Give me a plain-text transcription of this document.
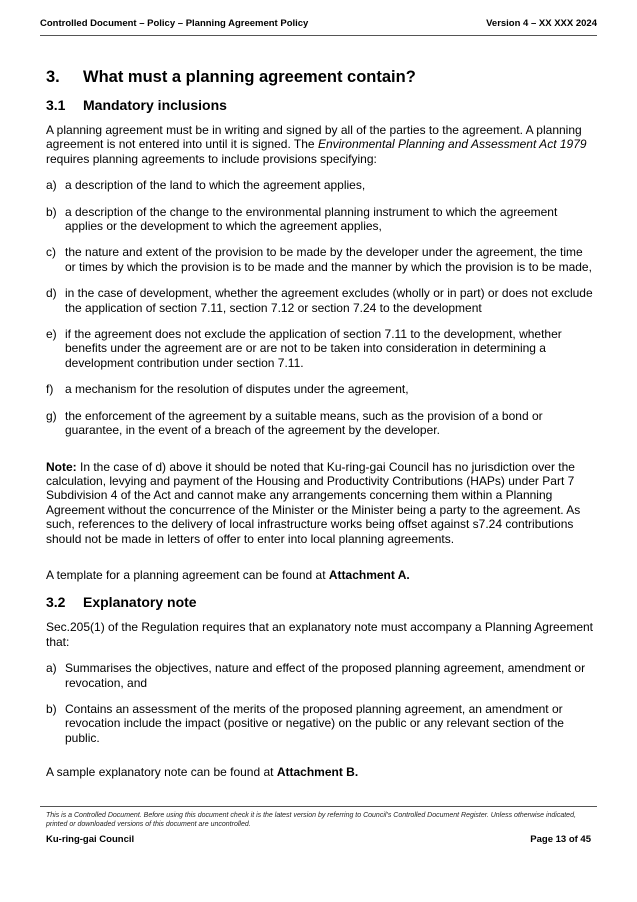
Controlled Document – Policy – Planning Agreement Policy	Version 4 – XX XXX 2024
3.	What must a planning agreement contain?
3.1	Mandatory inclusions

A planning agreement must be in writing and signed by all of the parties to the agreement. A planning agreement is not entered into until it is signed. The Environmental Planning and Assessment Act 1979 requires planning agreements to include provisions specifying:

a) a description of the land to which the agreement applies,
b) a description of the change to the environmental planning instrument to which the agreement applies or the development to which the agreement applies,
c) the nature and extent of the provision to be made by the developer under the agreement, the time or times by which the provision is to be made and the manner by which the provision is to be made,
d) in the case of development, whether the agreement excludes (wholly or in part) or does not exclude the application of section 7.11, section 7.12 or section 7.24 to the development
e) if the agreement does not exclude the application of section 7.11 to the development, whether benefits under the agreement are or are not to be taken into consideration in determining a development contribution under section 7.11.
f) a mechanism for the resolution of disputes under the agreement,
g) the enforcement of the agreement by a suitable means, such as the provision of a bond or guarantee, in the event of a breach of the agreement by the developer.

Note: In the case of d) above it should be noted that Ku-ring-gai Council has no jurisdiction over the calculation, levying and payment of the Housing and Productivity Contributions (HAPs) under Part 7 Subdivision 4 of the Act and cannot make any arrangements concerning them within a Planning Agreement without the concurrence of the Minister or the Minister being a party to the agreement. As such, references to the delivery of local infrastructure works being offset against s7.24 contributions should not be made in letters of offer to enter into local planning agreements.

A template for a planning agreement can be found at Attachment A.

3.2	Explanatory note

Sec.205(1) of the Regulation requires that an explanatory note must accompany a Planning Agreement that:

a) Summarises the objectives, nature and effect of the proposed planning agreement, amendment or revocation, and
b) Contains an assessment of the merits of the proposed planning agreement, an amendment or revocation include the impact (positive or negative) on the public or any relevant section of the public.

A sample explanatory note can be found at Attachment B.

This is a Controlled Document. Before using this document check it is the latest version by referring to Council’s Controlled Document Register. Unless otherwise indicated, printed or downloaded versions of this document are uncontrolled.
Ku-ring-gai Council	Page 13 of 45
